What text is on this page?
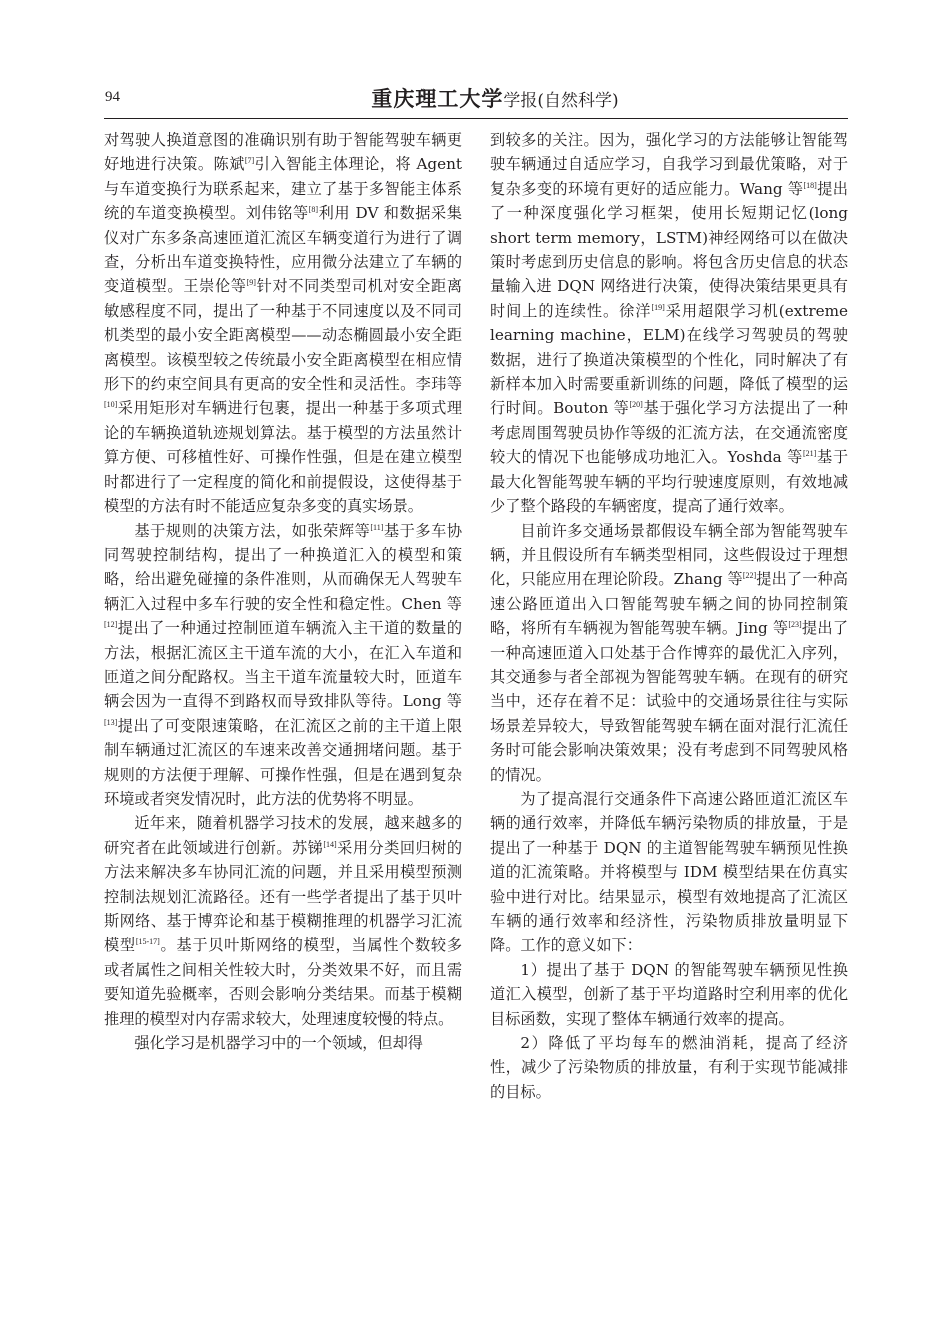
94	重庆理工大学学报(自然科学)

对驾驶人换道意图的准确识别有助于智能驾驶车辆更好地进行决策。陈斌[7]引入智能主体理论，将 Agent 与车道变换行为联系起来，建立了基于多智能主体系统的车道变换模型。刘伟铭等[8]利用 DV 和数据采集仪对广东多条高速匝道汇流区车辆变道行为进行了调查，分析出车道变换特性，应用微分法建立了车辆的变道模型。王崇伦等[9]针对不同类型司机对安全距离敏感程度不同，提出了一种基于不同速度以及不同司机类型的最小安全距离模型——动态椭圆最小安全距离模型。该模型较之传统最小安全距离模型在相应情形下的约束空间具有更高的安全性和灵活性。李玮等[10]采用矩形对车辆进行包裹，提出一种基于多项式理论的车辆换道轨迹规划算法。基于模型的方法虽然计算方便、可移植性好、可操作性强，但是在建立模型时都进行了一定程度的简化和前提假设，这使得基于模型的方法有时不能适应复杂多变的真实场景。

基于规则的决策方法，如张荣辉等[11]基于多车协同驾驶控制结构，提出了一种换道汇入的模型和策略，给出避免碰撞的条件准则，从而确保无人驾驶车辆汇入过程中多车行驶的安全性和稳定性。Chen 等[12]提出了一种通过控制匝道车辆流入主干道的数量的方法，根据汇流区主干道车流的大小，在汇入车道和匝道之间分配路权。当主干道车流量较大时，匝道车辆会因为一直得不到路权而导致排队等待。Long 等[13]提出了可变限速策略，在汇流区之前的主干道上限制车辆通过汇流区的车速来改善交通拥堵问题。基于规则的方法便于理解、可操作性强，但是在遇到复杂环境或者突发情况时，此方法的优势将不明显。

近年来，随着机器学习技术的发展，越来越多的研究者在此领域进行创新。苏锑[14]采用分类回归树的方法来解决多车协同汇流的问题，并且采用模型预测控制法规划汇流路径。还有一些学者提出了基于贝叶斯网络、基于博弈论和基于模糊推理的机器学习汇流模型[15-17]。基于贝叶斯网络的模型，当属性个数较多或者属性之间相关性较大时，分类效果不好，而且需要知道先验概率，否则会影响分类结果。而基于模糊推理的模型对内存需求较大，处理速度较慢的特点。

强化学习是机器学习中的一个领域，但却得

到较多的关注。因为，强化学习的方法能够让智能驾驶车辆通过自适应学习，自我学习到最优策略，对于复杂多变的环境有更好的适应能力。Wang 等[18]提出了一种深度强化学习框架，使用长短期记忆(long short term memory，LSTM)神经网络可以在做决策时考虑到历史信息的影响。将包含历史信息的状态量输入进 DQN 网络进行决策，使得决策结果更具有时间上的连续性。徐洋[19]采用超限学习机(extreme learning machine，ELM)在线学习驾驶员的驾驶数据，进行了换道决策模型的个性化，同时解决了有新样本加入时需要重新训练的问题，降低了模型的运行时间。Bouton 等[20]基于强化学习方法提出了一种考虑周围驾驶员协作等级的汇流方法，在交通流密度较大的情况下也能够成功地汇入。Yoshda 等[21]基于最大化智能驾驶车辆的平均行驶速度原则，有效地减少了整个路段的车辆密度，提高了通行效率。

目前许多交通场景都假设车辆全部为智能驾驶车辆，并且假设所有车辆类型相同，这些假设过于理想化，只能应用在理论阶段。Zhang 等[22]提出了一种高速公路匝道出入口智能驾驶车辆之间的协同控制策略，将所有车辆视为智能驾驶车辆。Jing 等[23]提出了一种高速匝道入口处基于合作博弈的最优汇入序列，其交通参与者全部视为智能驾驶车辆。在现有的研究当中，还存在着不足：试验中的交通场景往往与实际场景差异较大，导致智能驾驶车辆在面对混行汇流任务时可能会影响决策效果；没有考虑到不同驾驶风格的情况。

为了提高混行交通条件下高速公路匝道汇流区车辆的通行效率，并降低车辆污染物质的排放量，于是提出了一种基于 DQN 的主道智能驾驶车辆预见性换道的汇流策略。并将模型与 IDM 模型结果在仿真实验中进行对比。结果显示，模型有效地提高了汇流区车辆的通行效率和经济性，污染物质排放量明显下降。工作的意义如下：

1）提出了基于 DQN 的智能驾驶车辆预见性换道汇入模型，创新了基于平均道路时空利用率的优化目标函数，实现了整体车辆通行效率的提高。

2）降低了平均每车的燃油消耗，提高了经济性，减少了污染物质的排放量，有利于实现节能减排的目标。
